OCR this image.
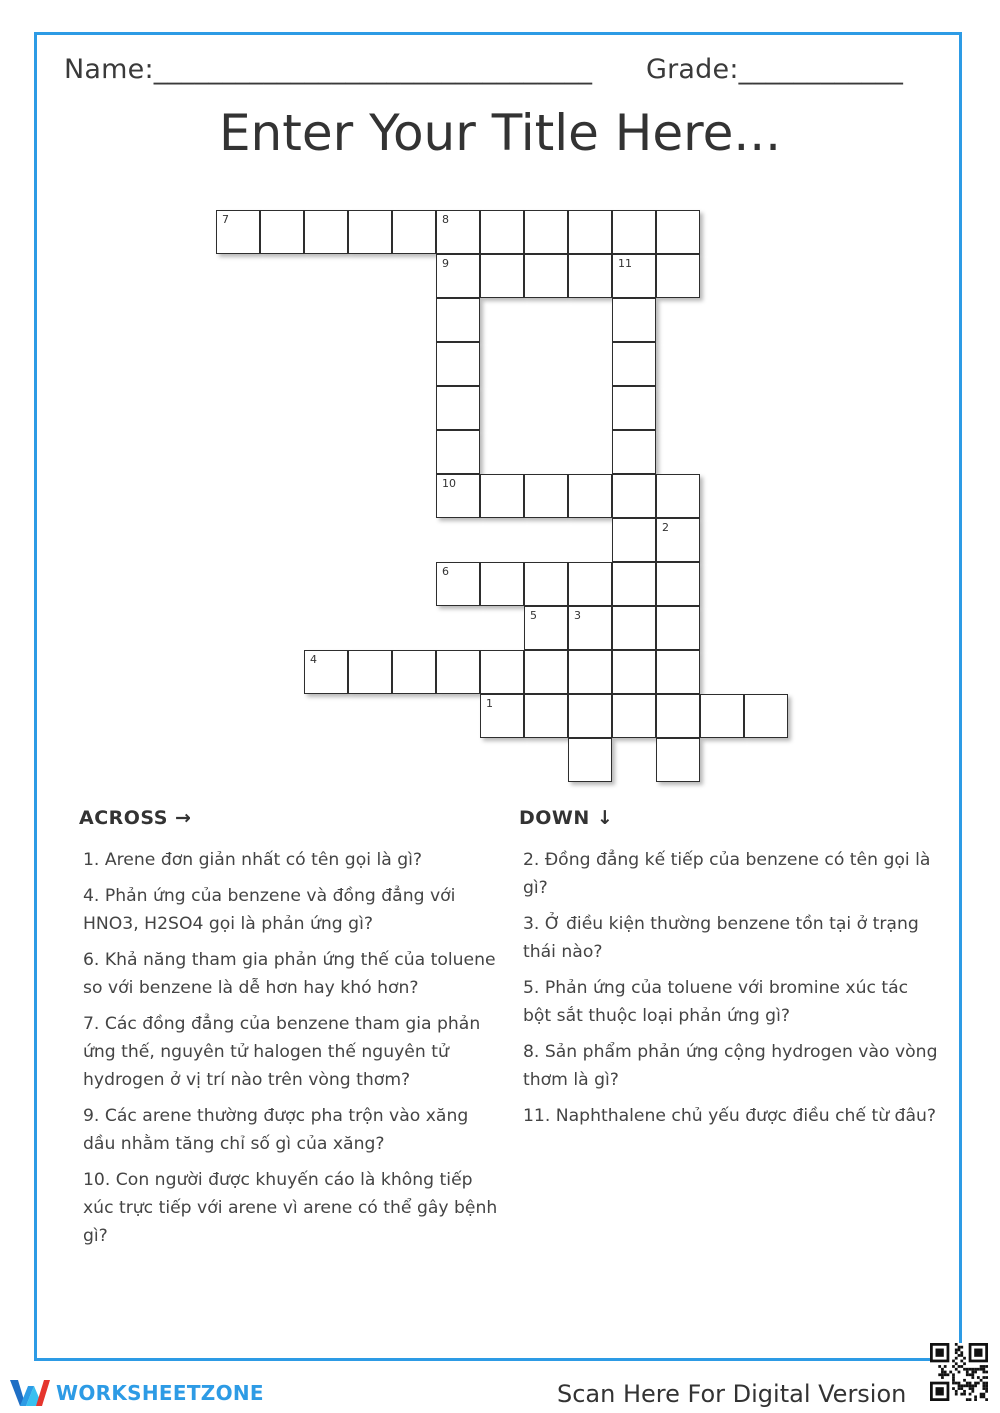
Name:________________________________ Grade:____________
Enter Your Title Here...
7	8
9	11
10
2
6
5	3
4
1
ACROSS →
1. Arene đơn giản nhất có tên gọi là gì?
4. Phản ứng của benzene và đồng đẳng với HNO3, H2SO4 gọi là phản ứng gì?
6. Khả năng tham gia phản ứng thế của toluene so với benzene là dễ hơn hay khó hơn?
7. Các đồng đẳng của benzene tham gia phản ứng thế, nguyên tử halogen thế nguyên tử hydrogen ở vị trí nào trên vòng thơm?
9. Các arene thường được pha trộn vào xăng dầu nhằm tăng chỉ số gì của xăng?
10. Con người được khuyến cáo là không tiếp xúc trực tiếp với arene vì arene có thể gây bệnh gì?
DOWN ↓
2. Đồng đẳng kế tiếp của benzene có tên gọi là gì?
3. Ở điều kiện thường benzene tồn tại ở trạng thái nào?
5. Phản ứng của toluene với bromine xúc tác bột sắt thuộc loại phản ứng gì?
8. Sản phẩm phản ứng cộng hydrogen vào vòng thơm là gì?
11. Naphthalene chủ yếu được điều chế từ đâu?
WORKSHEETZONE	Scan Here For Digital Version
